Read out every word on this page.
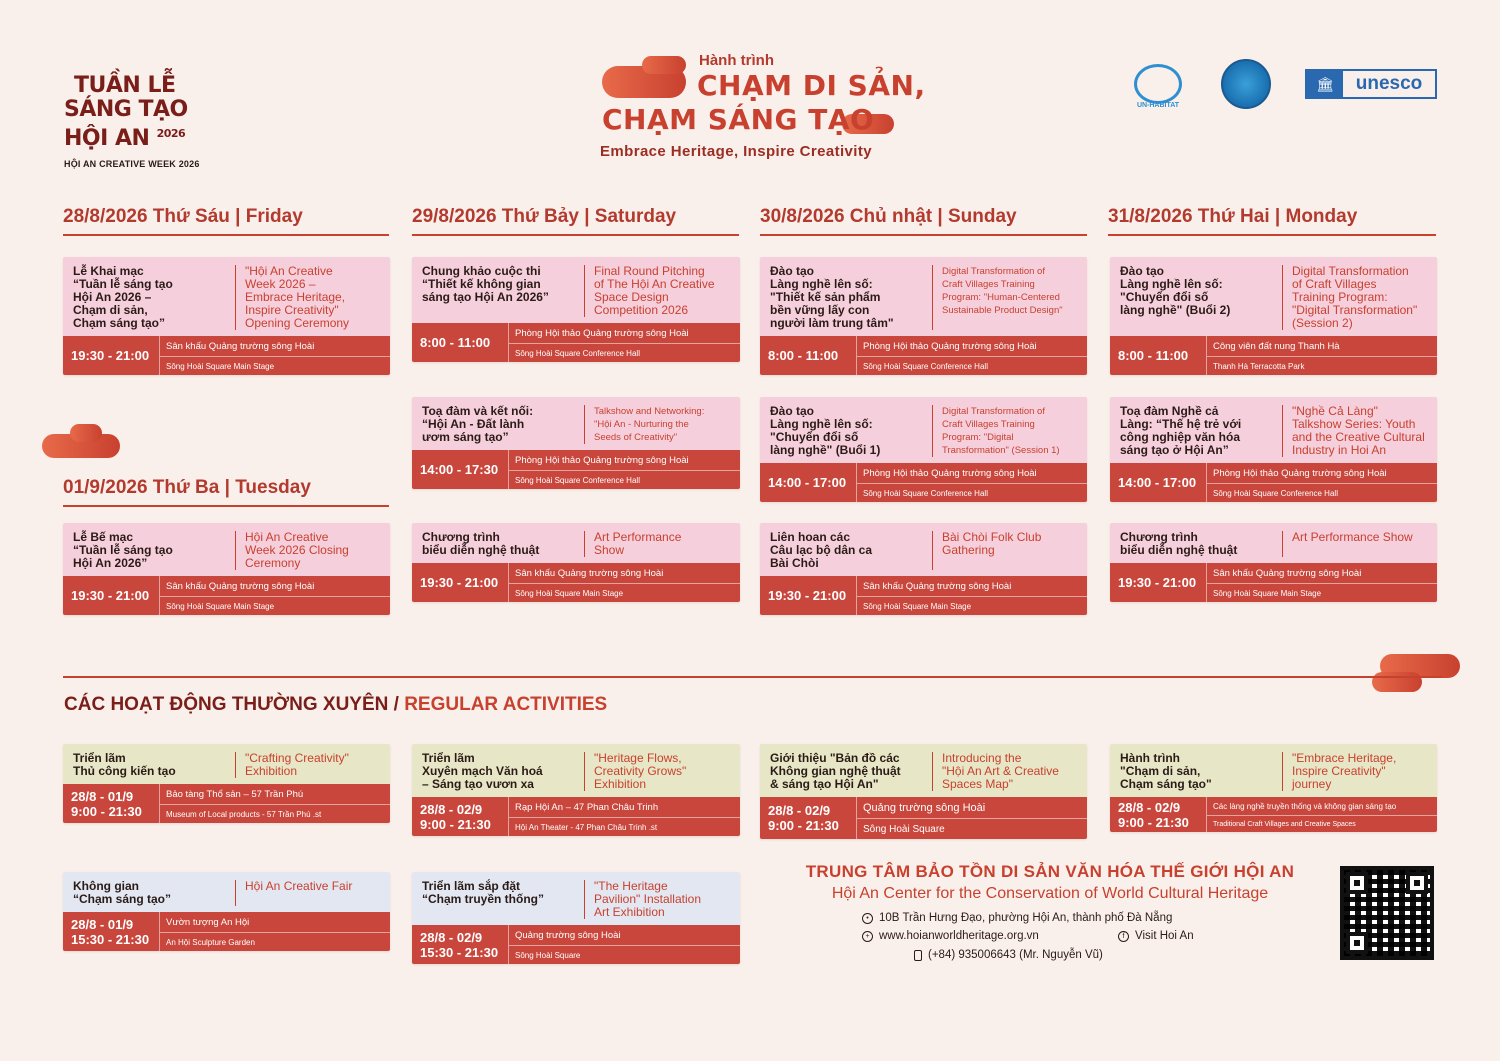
TUẦN LỄ
SÁNG TẠO
HỘI AN $^{2026}$
HỘI AN CREATIVE WEEK 2026
Hành trình
CHẠM DI SẢN,
CHẠM SÁNG TẠO
Embrace Heritage, Inspire Creativity
UN-HABITAT
🏛	unesco
28/8/2026 Thứ Sáu | Friday	29/8/2026 Thứ Bảy | Saturday	30/8/2026 Chủ nhật | Sunday	31/8/2026 Thứ Hai | Monday
01/9/2026 Thứ Ba | Tuesday
Lễ Khai mạc
“Tuần lễ sáng tạo
Hội An 2026 –
Chạm di sản,
Chạm sáng tạo”
"Hội An Creative
Week 2026 –
Embrace Heritage,
Inspire Creativity"
Opening Ceremony
19:30 - 21:00
Sân khấu Quảng trường sông Hoài
Sông Hoài Square Main Stage
Chung khảo cuộc thi
“Thiết kế không gian
sáng tạo Hội An 2026”
Final Round Pitching
of The Hội An Creative
Space Design
Competition 2026
8:00 - 11:00
Phòng Hội thảo Quảng trường sông Hoài
Sông Hoài Square Conference Hall
Đào tạo
Làng nghề lên số:
"Thiết kế sản phẩm
bền vững lấy con
người làm trung tâm"
Digital Transformation of
Craft Villages Training
Program: "Human-Centered
Sustainable Product Design"
8:00 - 11:00
Phòng Hội thảo Quảng trường sông Hoài
Sông Hoài Square Conference Hall
Đào tạo
Làng nghề lên số:
"Chuyển đổi số
làng nghề" (Buổi 2)
Digital Transformation
of Craft Villages
Training Program:
"Digital Transformation"
(Session 2)
8:00 - 11:00
Công viên đất nung Thanh Hà
Thanh Hà Terracotta Park
Toạ đàm và kết nối:
“Hội An - Đất lành
ươm sáng tạo”
Talkshow and Networking:
"Hội An - Nurturing the
Seeds of Creativity"
14:00 - 17:30
Phòng Hội thảo Quảng trường sông Hoài
Sông Hoài Square Conference Hall
Đào tạo
Làng nghề lên số:
"Chuyển đổi số
làng nghề" (Buổi 1)
Digital Transformation of
Craft Villages Training
Program: "Digital
Transformation" (Session 1)
14:00 - 17:00
Phòng Hội thảo Quảng trường sông Hoài
Sông Hoài Square Conference Hall
Toạ đàm Nghề cả
Làng: “Thế hệ trẻ với
công nghiệp văn hóa
sáng tạo ở Hội An”
"Nghề Cả Làng"
Talkshow Series: Youth
and the Creative Cultural
Industry in Hoi An
14:00 - 17:00
Phòng Hội thảo Quảng trường sông Hoài
Sông Hoài Square Conference Hall
Lễ Bế mạc
“Tuần lễ sáng tạo
Hội An 2026”
Hội An Creative
Week 2026 Closing
Ceremony
19:30 - 21:00
Sân khấu Quảng trường sông Hoài
Sông Hoài Square Main Stage
Chương trình
biểu diễn nghệ thuật
Art Performance
Show
19:30 - 21:00
Sân khấu Quảng trường sông Hoài
Sông Hoài Square Main Stage
Liên hoan các
Câu lạc bộ dân ca
Bài Chòi
Bài Chòi Folk Club
Gathering
19:30 - 21:00
Sân khấu Quảng trường sông Hoài
Sông Hoài Square Main Stage
Chương trình
biểu diễn nghệ thuật
Art Performance Show
19:30 - 21:00
Sân khấu Quảng trường sông Hoài
Sông Hoài Square Main Stage
CÁC HOẠT ĐỘNG THƯỜNG XUYÊN / REGULAR ACTIVITIES
Triển lãm
Thủ công kiến tạo
"Crafting Creativity"
Exhibition
28/8 - 01/9
9:00 - 21:30
Bảo tàng Thổ sản – 57 Trần Phú
Museum of Local products - 57 Trần Phú .st
Triển lãm
Xuyên mạch Văn hoá
– Sáng tạo vươn xa
"Heritage Flows,
Creativity Grows"
Exhibition
28/8 - 02/9
9:00 - 21:30
Rạp Hội An – 47 Phan Châu Trinh
Hội An Theater - 47 Phan Châu Trinh .st
Giới thiệu "Bản đồ các
Không gian nghệ thuật
& sáng tạo Hội An"
Introducing the
"Hội An Art & Creative
Spaces Map"
28/8 - 02/9
9:00 - 21:30
Quảng trường sông Hoài
Sông Hoài Square
Hành trình
"Chạm di sản,
Chạm sáng tạo"
"Embrace Heritage,
Inspire Creativity"
journey
28/8 - 02/9
9:00 - 21:30
Các làng nghề truyền thống và không gian sáng tạo
Traditional Craft Villages and Creative Spaces
Không gian
“Chạm sáng tạo”
Hội An Creative Fair
28/8 - 01/9
15:30 - 21:30
Vườn tượng An Hội
An Hội Sculpture Garden
Triển lãm sắp đặt
“Chạm truyền thống”
"The Heritage
Pavilion" Installation
Art Exhibition
28/8 - 02/9
15:30 - 21:30
Quảng trường sông Hoài
Sông Hoài Square
TRUNG TÂM BẢO TỒN DI SẢN VĂN HÓA THẾ GIỚI HỘI AN
Hội An Center for the Conservation of World Cultural Heritage
• 10B Trần Hưng Đạo, phường Hội An, thành phố Đà Nẵng
+ www.hoianworldheritage.org.vn	f Visit Hoi An
(+84) 935006643 (Mr. Nguyễn Vũ)
